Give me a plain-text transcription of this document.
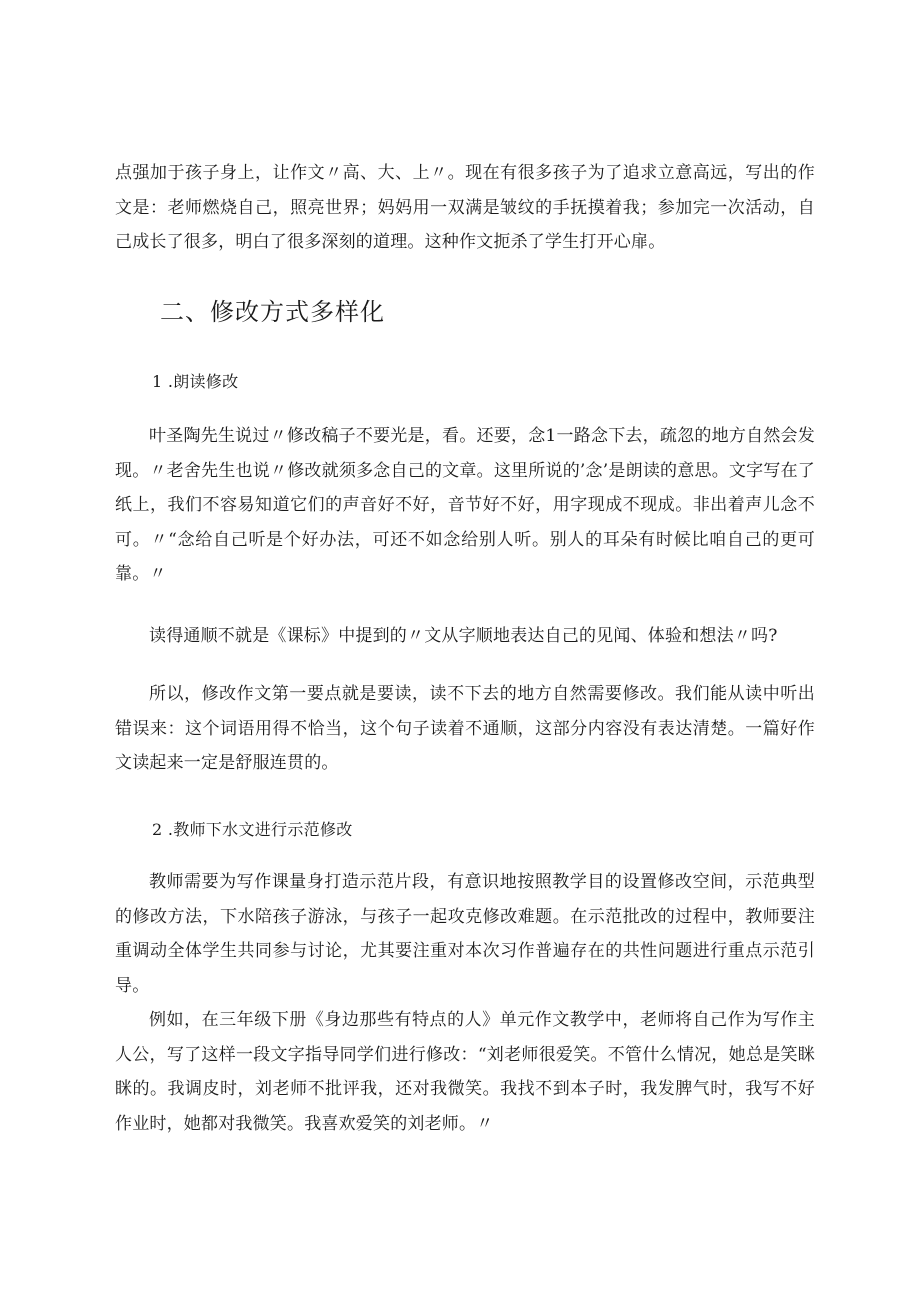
点强加于孩子身上，让作文〃高、大、上〃。现在有很多孩子为了追求立意高远，写出的作文是：老师燃烧自己，照亮世界；妈妈用一双满是皱纹的手抚摸着我；参加完一次活动，自己成长了很多，明白了很多深刻的道理。这种作文扼杀了学生打开心扉。

二、修改方式多样化

1 .朗读修改

叶圣陶先生说过〃修改稿子不要光是，看。还要，念1一路念下去，疏忽的地方自然会发现。〃老舍先生也说〃修改就须多念自己的文章。这里所说的’念’是朗读的意思。文字写在了纸上，我们不容易知道它们的声音好不好，音节好不好，用字现成不现成。非出着声儿念不可。〃“念给自己听是个好办法，可还不如念给别人听。别人的耳朵有时候比咱自己的更可靠。〃

读得通顺不就是《课标》中提到的〃文从字顺地表达自己的见闻、体验和想法〃吗?

所以，修改作文第一要点就是要读，读不下去的地方自然需要修改。我们能从读中听出错误来：这个词语用得不恰当，这个句子读着不通顺，这部分内容没有表达清楚。一篇好作文读起来一定是舒服连贯的。

2 .教师下水文进行示范修改

教师需要为写作课量身打造示范片段，有意识地按照教学目的设置修改空间，示范典型的修改方法，下水陪孩子游泳，与孩子一起攻克修改难题。在示范批改的过程中，教师要注重调动全体学生共同参与讨论，尤其要注重对本次习作普遍存在的共性问题进行重点示范引导。

例如，在三年级下册《身边那些有特点的人》单元作文教学中，老师将自己作为写作主人公，写了这样一段文字指导同学们进行修改：“刘老师很爱笑。不管什么情况，她总是笑眯眯的。我调皮时，刘老师不批评我，还对我微笑。我找不到本子时，我发脾气时，我写不好作业时，她都对我微笑。我喜欢爱笑的刘老师。〃
